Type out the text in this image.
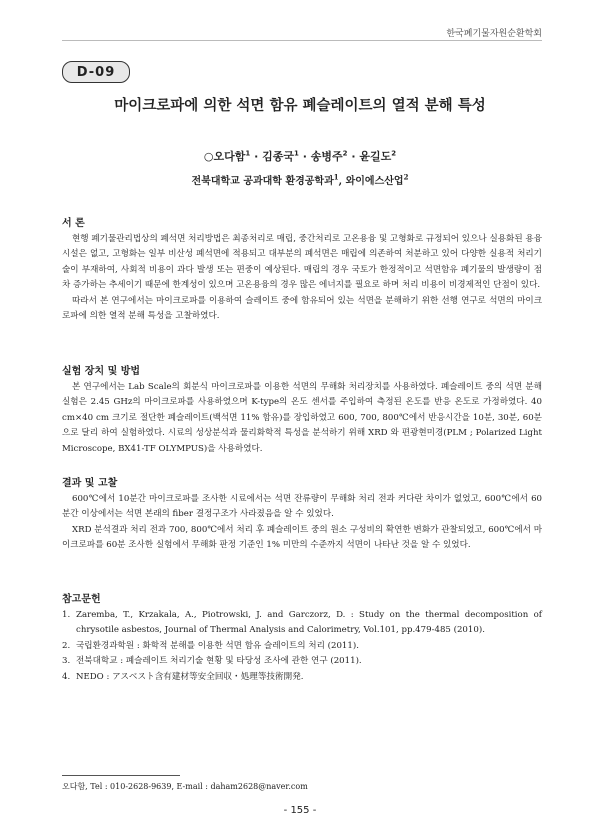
한국폐기물자원순환학회
D-09
마이크로파에 의한 석면 함유 폐슬레이트의 열적 분해 특성
○오다함$^1$ · 김종국$^1$ · 송병주$^2$ · 윤길도$^2$
전북대학교 공과대학 환경공학과$^1$, 와이에스산업$^2$
서 론

현행 폐기물관리법상의 폐석면 처리방법은 최종처리로 매립, 중간처리로 고온용융 및 고형화로 규정되어 있으나 실용화된 용융시설은 없고, 고형화는 일부 비산성 폐석면에 적용되고 대부분의 폐석면은 매립에 의존하여 처분하고 있어 다양한 실용적 처리기술이 부재하여, 사회적 비용이 과다 발생 또는 편중이 예상된다. 매립의 경우 국토가 한정적이고 석면함유 폐기물의 발생량이 점차 증가하는 추세이기 때문에 한계성이 있으며 고온용융의 경우 많은 에너지를 필요로 하며 처리 비용이 비경제적인 단점이 있다.

따라서 본 연구에서는 마이크로파를 이용하여 슬레이트 중에 함유되어 있는 석면을 분해하기 위한 선행 연구로 석면의 마이크로파에 의한 열적 분해 특성을 고찰하였다.

실험 장치 및 방법

본 연구에서는 Lab Scale의 회분식 마이크로파를 이용한 석면의 무해화 처리장치를 사용하였다. 폐슬레이트 중의 석면 분해 실험은 2.45 GHz의 마이크로파를 사용하였으며 K-type의 온도 센서를 주입하여 측정된 온도를 반응 온도로 가정하였다. 40 cm×40 cm 크기로 절단한 폐슬레이트(백석면 11% 함유)를 장입하였고 600, 700, 800℃에서 반응시간을 10분, 30분, 60분으로 달리 하여 실험하였다. 시료의 성상분석과 물리화학적 특성을 분석하기 위해 XRD 와 편광현미경(PLM ; Polarized Light Microscope, BX41-TF OLYMPUS)을 사용하였다.

결과 및 고찰

600℃에서 10분간 마이크로파를 조사한 시료에서는 석면 잔류량이 무해화 처리 전과 커다란 차이가 없었고, 600℃에서 60분간 이상에서는 석면 본래의 fiber 결정구조가 사라졌음을 알 수 있었다.

XRD 분석결과 처리 전과 700, 800℃에서 처리 후 폐슬레이트 중의 원소 구성비의 확연한 변화가 관찰되었고, 600℃에서 마이크로파를 60분 조사한 실험에서 무해화 판정 기준인 1% 미만의 수준까지 석면이 나타난 것을 알 수 있었다.

참고문헌
1. Zaremba, T., Krzakala, A., Piotrowski, J. and Garczorz, D. : Study on the thermal decomposition of chrysotile asbestos, Journal of Thermal Analysis and Calorimetry, Vol.101, pp.479-485 (2010).
2. 국립환경과학원 : 화학적 분해를 이용한 석면 함유 슬레이트의 처리 (2011).
3. 전북대학교 : 폐슬레이트 처리기술 현황 및 타당성 조사에 관한 연구 (2011).
4. NEDO : アスベスト含有建材等安全回収・処理等技術開発.
오다함, Tel : 010-2628-9639, E-mail : daham2628@naver.com
- 155 -
